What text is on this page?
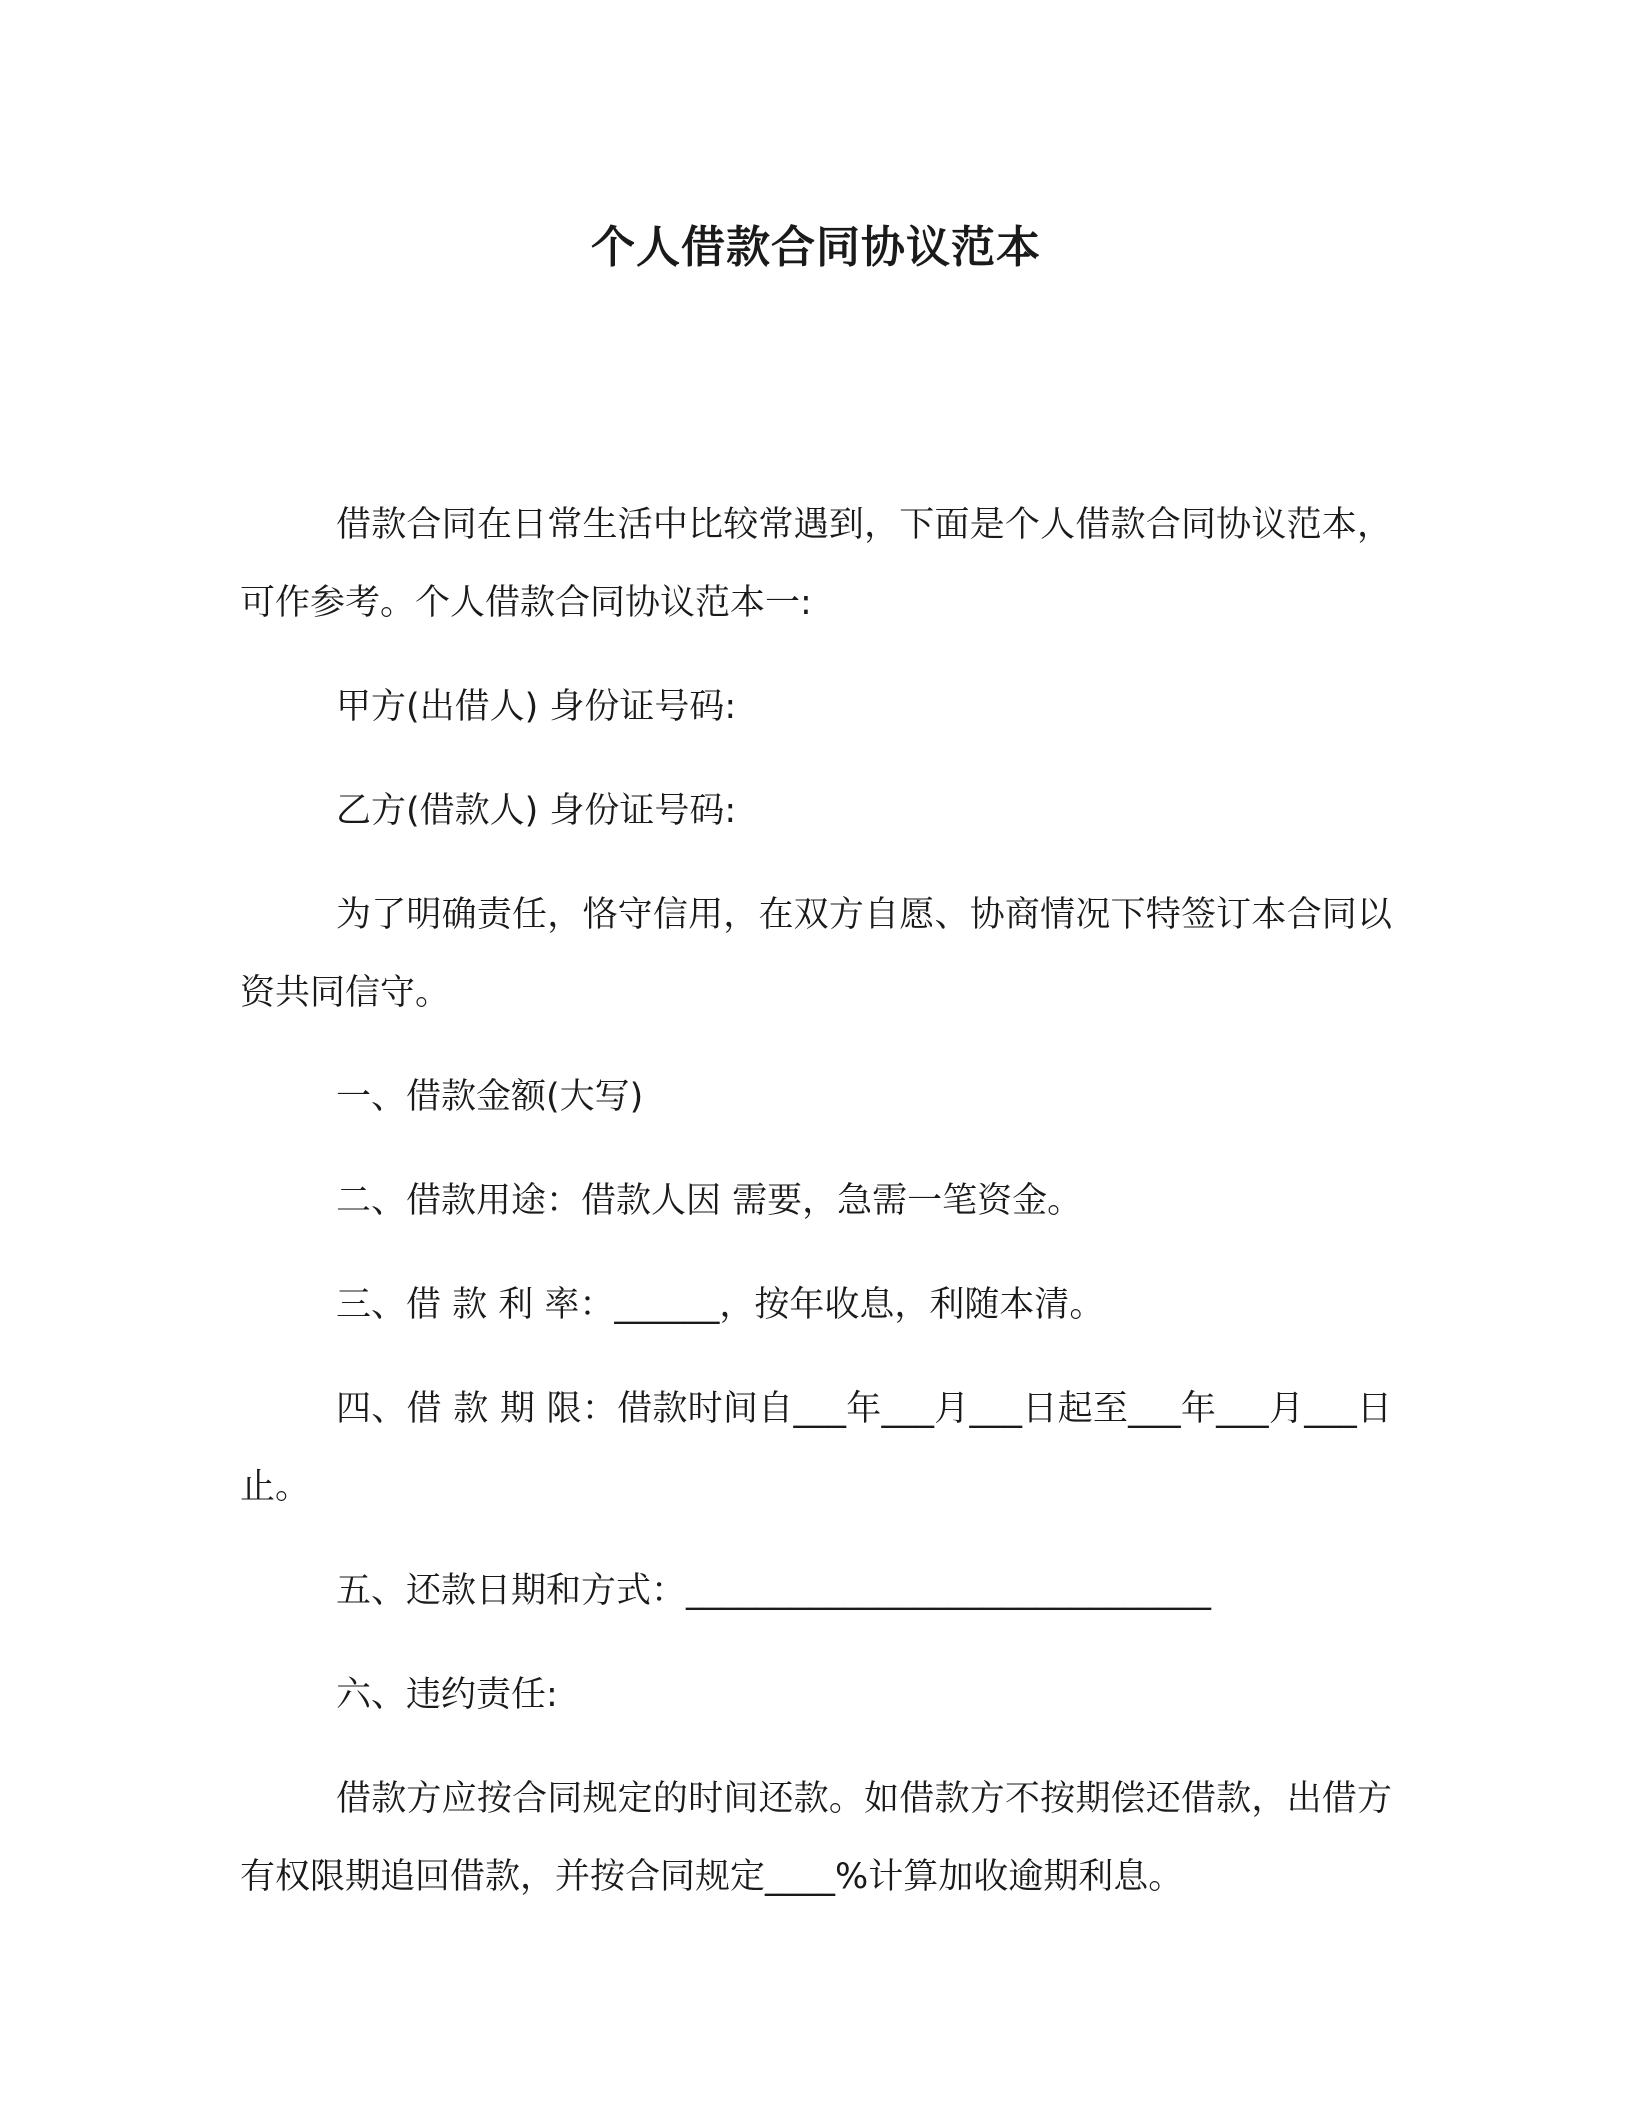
个人借款合同协议范本

借款合同在日常生活中比较常遇到，下面是个人借款合同协议范本，可作参考。个人借款合同协议范本一:

甲方(出借人) 身份证号码:

乙方(借款人) 身份证号码:

为了明确责任，恪守信用，在双方自愿、协商情况下特签订本合同以资共同信守。

一、借款金额(大写)

二、借款用途：借款人因 需要，急需一笔资金。

三、借 款 利 率：______，按年收息，利随本清。

四、借 款 期 限：借款时间自___年___月___日起至___年___月___日止。

五、还款日期和方式：______________________________

六、违约责任:

借款方应按合同规定的时间还款。如借款方不按期偿还借款，出借方有权限期追回借款，并按合同规定____%计算加收逾期利息。
